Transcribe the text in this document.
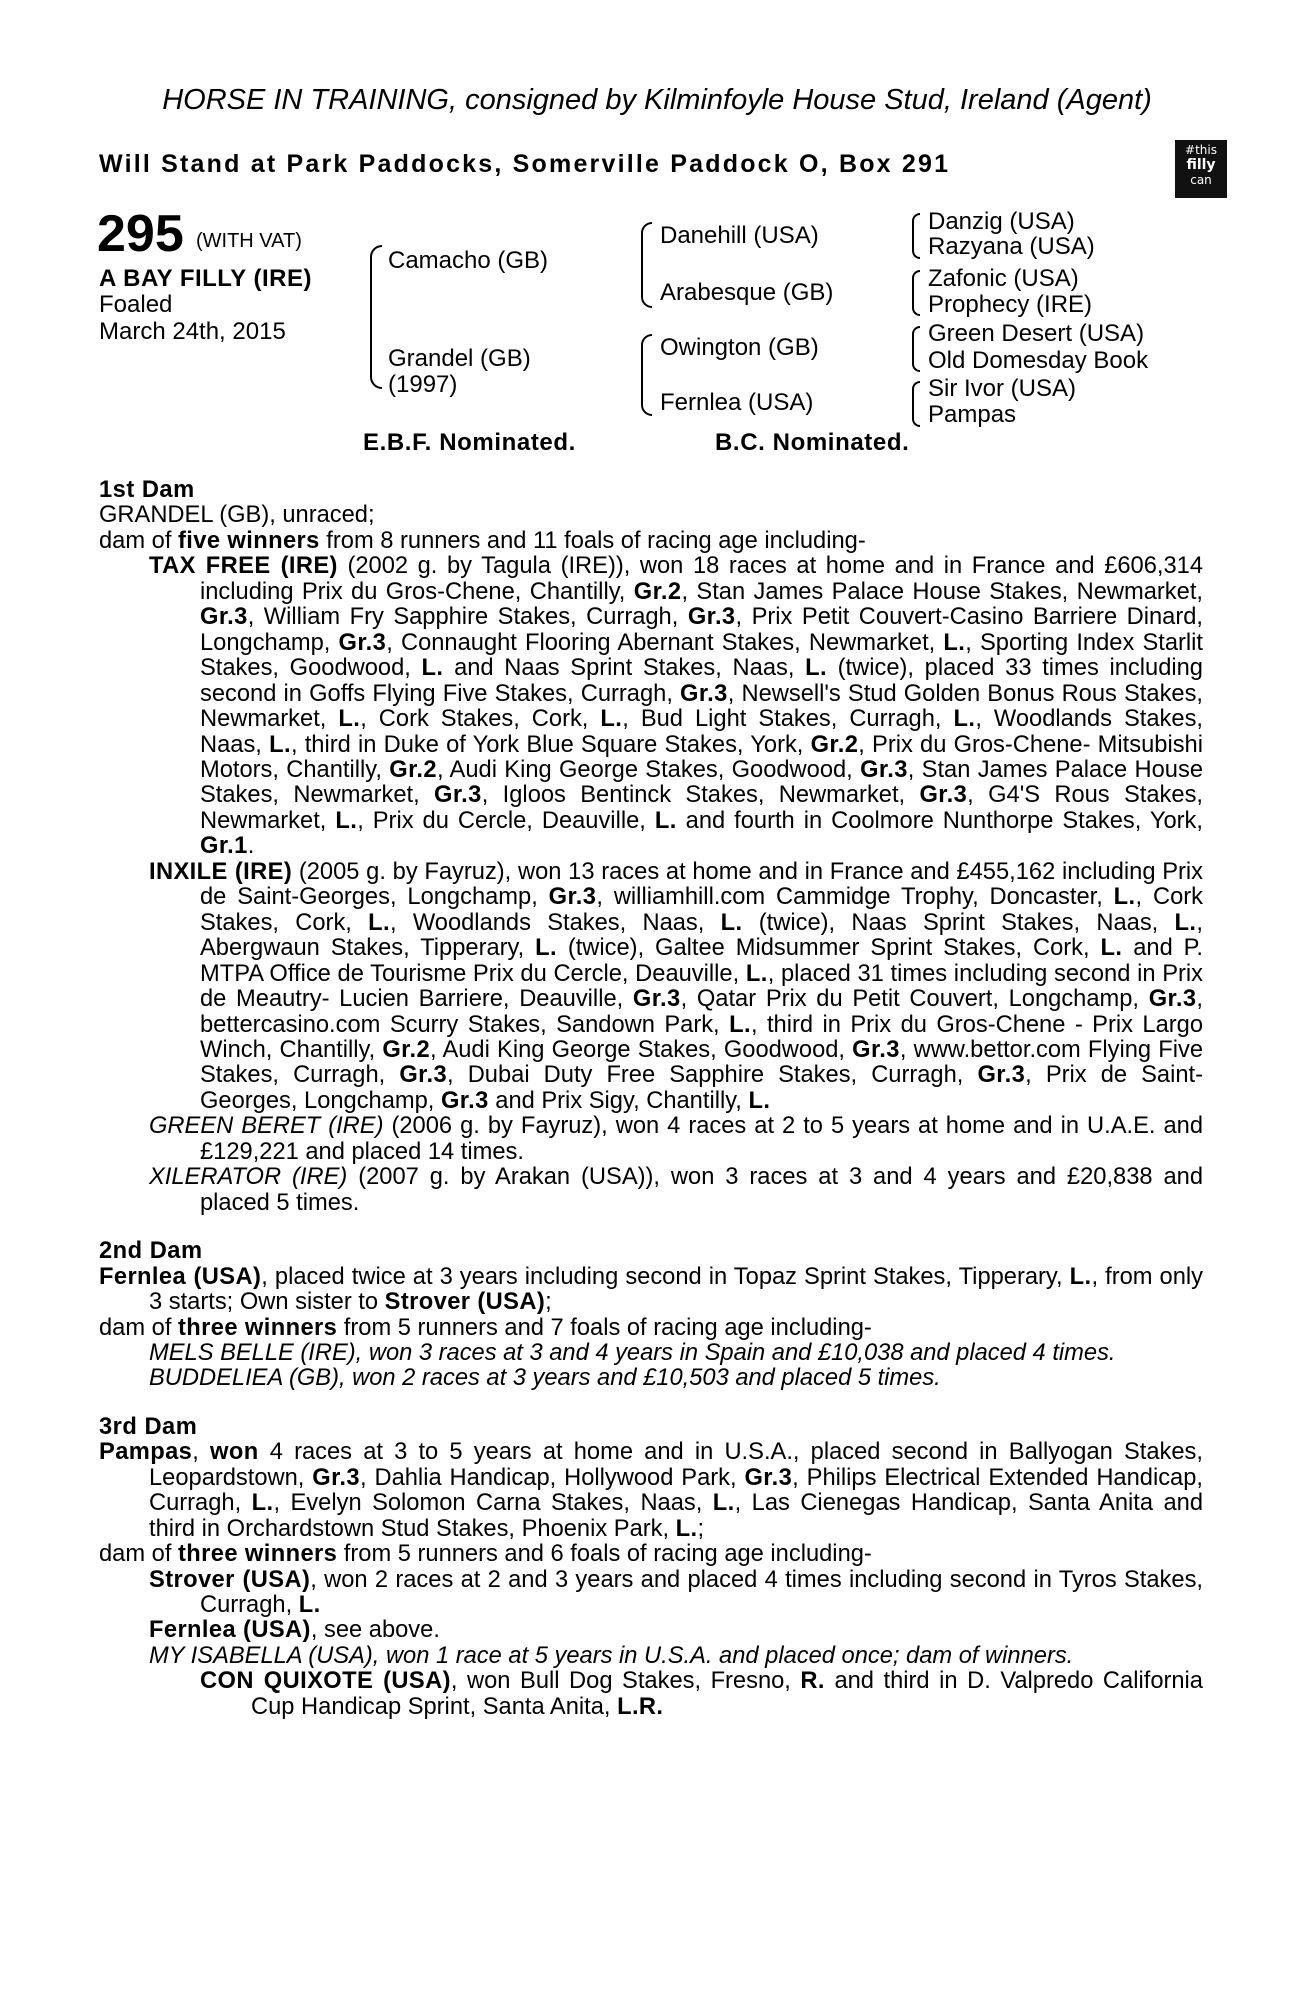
HORSE IN TRAINING, consigned by Kilminfoyle House Stud, Ireland (Agent)
Will Stand at Park Paddocks, Somerville Paddock O, Box 291	#this
filly
can
295 (WITH VAT)
A BAY FILLY (IRE)
Foaled
March 24th, 2015
Camacho (GB)
Grandel (GB)
(1997)
Danehill (USA)
Arabesque (GB)
Owington (GB)
Fernlea (USA)
Danzig (USA)
Razyana (USA)
Zafonic (USA)
Prophecy (IRE)
Green Desert (USA)
Old Domesday Book
Sir Ivor (USA)
Pampas
E.B.F. Nominated.	B.C. Nominated.

1st Dam

GRANDEL (GB), unraced;

dam of five winners from 8 runners and 11 foals of racing age including-

TAX FREE (IRE) (2002 g. by Tagula (IRE)), won 18 races at home and in France and £606,314 including Prix du Gros-Chene, Chantilly, Gr.2, Stan James Palace House Stakes, Newmarket, Gr.3, William Fry Sapphire Stakes, Curragh, Gr.3, Prix Petit Couvert-Casino Barriere Dinard, Longchamp, Gr.3, Connaught Flooring Abernant Stakes, Newmarket, L., Sporting Index Starlit Stakes, Goodwood, L. and Naas Sprint Stakes, Naas, L. (twice), placed 33 times including second in Goffs Flying Five Stakes, Curragh, Gr.3, Newsell's Stud Golden Bonus Rous Stakes, Newmarket, L., Cork Stakes, Cork, L., Bud Light Stakes, Curragh, L., Woodlands Stakes, Naas, L., third in Duke of York Blue Square Stakes, York, Gr.2, Prix du Gros-Chene- Mitsubishi Motors, Chantilly, Gr.2, Audi King George Stakes, Goodwood, Gr.3, Stan James Palace House Stakes, Newmarket, Gr.3, Igloos Bentinck Stakes, Newmarket, Gr.3, G4'S Rous Stakes, Newmarket, L., Prix du Cercle, Deauville, L. and fourth in Coolmore Nunthorpe Stakes, York, Gr.1.

INXILE (IRE) (2005 g. by Fayruz), won 13 races at home and in France and £455,162 including Prix de Saint-Georges, Longchamp, Gr.3, williamhill.com Cammidge Trophy, Doncaster, L., Cork Stakes, Cork, L., Woodlands Stakes, Naas, L. (twice), Naas Sprint Stakes, Naas, L., Abergwaun Stakes, Tipperary, L. (twice), Galtee Midsummer Sprint Stakes, Cork, L. and P. MTPA Office de Tourisme Prix du Cercle, Deauville, L., placed 31 times including second in Prix de Meautry- Lucien Barriere, Deauville, Gr.3, Qatar Prix du Petit Couvert, Longchamp, Gr.3, bettercasino.com Scurry Stakes, Sandown Park, L., third in Prix du Gros-Chene - Prix Largo Winch, Chantilly, Gr.2, Audi King George Stakes, Goodwood, Gr.3, www.bettor.com Flying Five Stakes, Curragh, Gr.3, Dubai Duty Free Sapphire Stakes, Curragh, Gr.3, Prix de Saint-Georges, Longchamp, Gr.3 and Prix Sigy, Chantilly, L.

GREEN BERET (IRE) (2006 g. by Fayruz), won 4 races at 2 to 5 years at home and in U.A.E. and £129,221 and placed 14 times.

XILERATOR (IRE) (2007 g. by Arakan (USA)), won 3 races at 3 and 4 years and £20,838 and placed 5 times.

2nd Dam

Fernlea (USA), placed twice at 3 years including second in Topaz Sprint Stakes, Tipperary, L., from only 3 starts; Own sister to Strover (USA);

dam of three winners from 5 runners and 7 foals of racing age including-

MELS BELLE (IRE), won 3 races at 3 and 4 years in Spain and £10,038 and placed 4 times.

BUDDELIEA (GB), won 2 races at 3 years and £10,503 and placed 5 times.

3rd Dam

Pampas, won 4 races at 3 to 5 years at home and in U.S.A., placed second in Ballyogan Stakes, Leopardstown, Gr.3, Dahlia Handicap, Hollywood Park, Gr.3, Philips Electrical Extended Handicap, Curragh, L., Evelyn Solomon Carna Stakes, Naas, L., Las Cienegas Handicap, Santa Anita and third in Orchardstown Stud Stakes, Phoenix Park, L.;

dam of three winners from 5 runners and 6 foals of racing age including-

Strover (USA), won 2 races at 2 and 3 years and placed 4 times including second in Tyros Stakes, Curragh, L.

Fernlea (USA), see above.

MY ISABELLA (USA), won 1 race at 5 years in U.S.A. and placed once; dam of winners.

CON QUIXOTE (USA), won Bull Dog Stakes, Fresno, R. and third in D. Valpredo California Cup Handicap Sprint, Santa Anita, L.R.
